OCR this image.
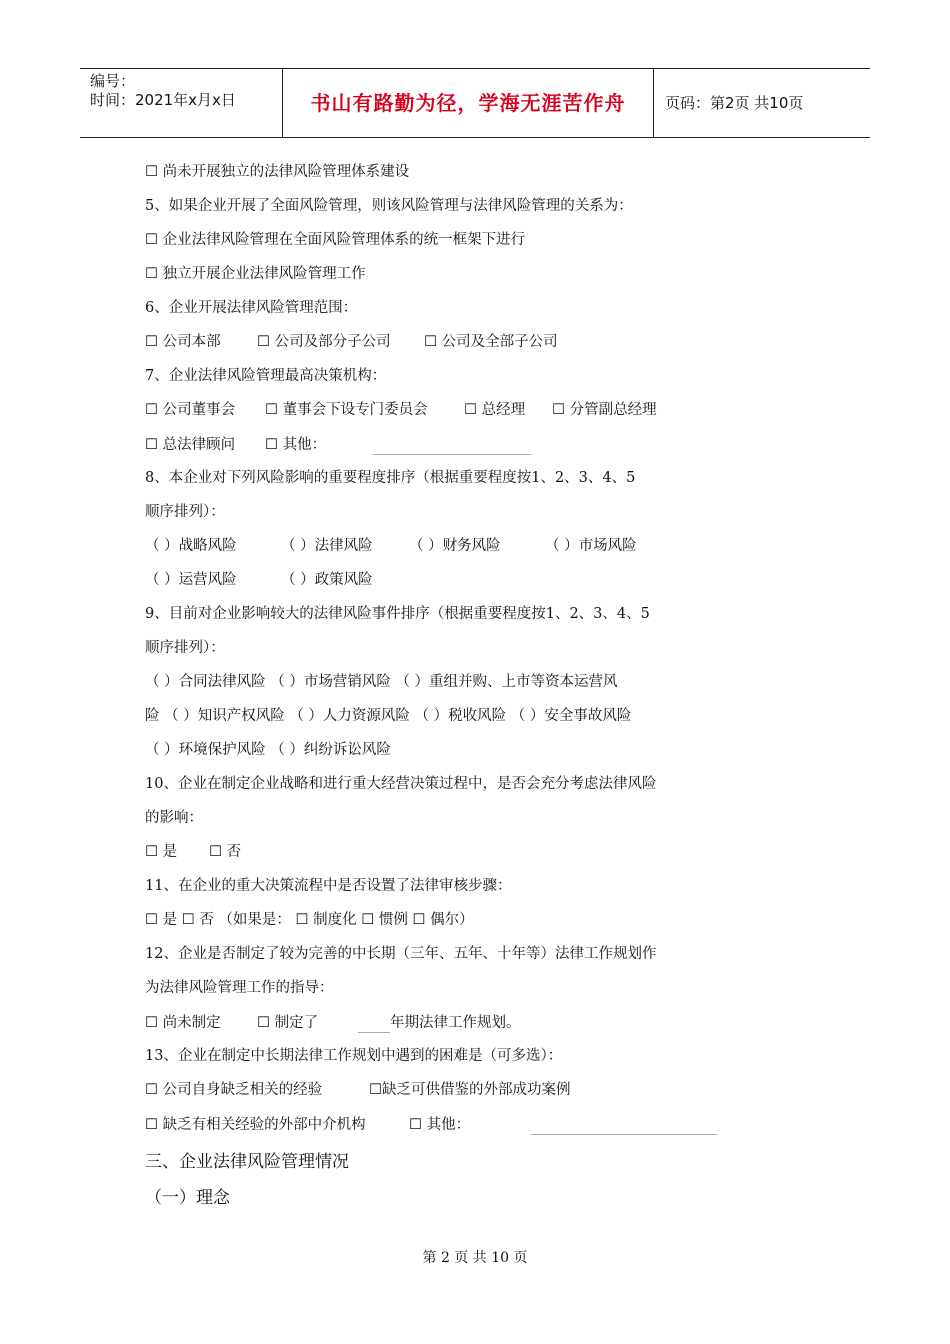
编号：
时间：2021年x月x日	书山有路勤为径，学海无涯苦作舟	页码：第2页 共10页
☐ 尚未开展独立的法律风险管理体系建设
5、如果企业开展了全面风险管理，则该风险管理与法律风险管理的关系为：
☐ 企业法律风险管理在全面风险管理体系的统一框架下进行
☐ 独立开展企业法律风险管理工作
6、企业开展法律风险管理范围：
☐ 公司本部	☐ 公司及部分子公司 ☐ 公司及全部子公司
7、企业法律风险管理最高决策机构：
☐ 公司董事会 ☐ 董事会下设专门委员会	☐ 总经理 ☐ 分管副总经理
☐ 总法律顾问 ☐ 其他：
8、本企业对下列风险影响的重要程度排序（根据重要程度按1、2、3、4、5
顺序排列）：
（ ）战略风险	（ ）法律风险	（ ）财务风险	（ ）市场风险
（ ）运营风险	（ ）政策风险
9、目前对企业影响较大的法律风险事件排序（根据重要程度按1、2、3、4、5
顺序排列）：
（ ）合同法律风险 （ ）市场营销风险 （ ）重组并购、上市等资本运营风
险 （ ）知识产权风险 （ ）人力资源风险 （ ）税收风险 （ ）安全事故风险
（ ）环境保护风险 （ ）纠纷诉讼风险
10、企业在制定企业战略和进行重大经营决策过程中，是否会充分考虑法律风险
的影响：
☐ 是 ☐ 否
11、在企业的重大决策流程中是否设置了法律审核步骤：
☐ 是 ☐ 否 （如果是： ☐ 制度化 ☐ 惯例 ☐ 偶尔）
12、企业是否制定了较为完善的中长期（三年、五年、十年等）法律工作规划作
为法律风险管理工作的指导：
☐ 尚未制定	☐ 制定了	年期法律工作规划。
13、企业在制定中长期法律工作规划中遇到的困难是（可多选）：
☐ 公司自身缺乏相关的经验	☐缺乏可供借鉴的外部成功案例
☐ 缺乏有相关经验的外部中介机构	☐ 其他：
三、企业法律风险管理情况
（一）理念
第 2 页 共 10 页
